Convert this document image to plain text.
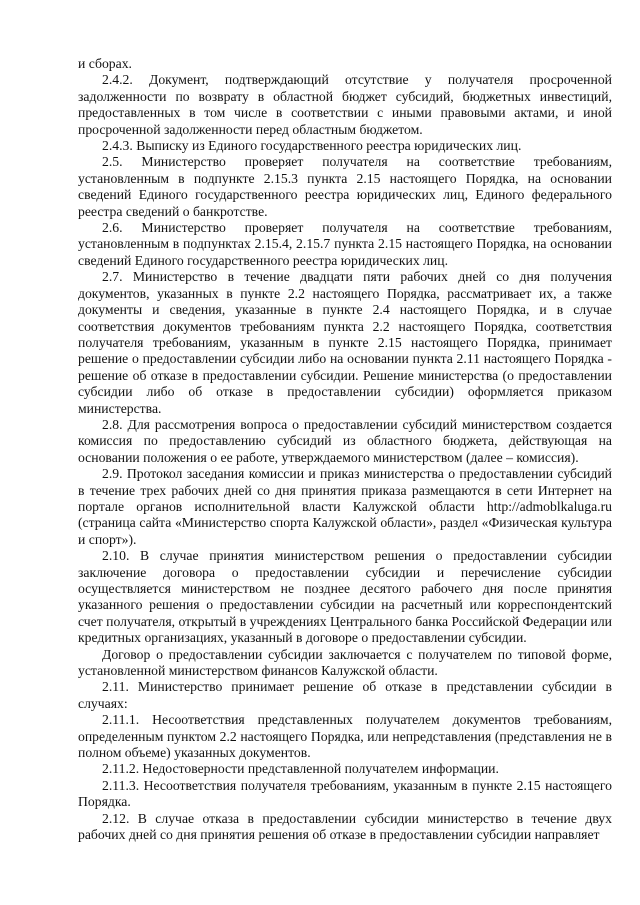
и сборах.

2.4.2. Документ, подтверждающий отсутствие у получателя просроченной задолженности по возврату в областной бюджет субсидий, бюджетных инвестиций, предоставленных в том числе в соответствии с иными правовыми актами, и иной просроченной задолженности перед областным бюджетом.

2.4.3. Выписку из Единого государственного реестра юридических лиц.

2.5. Министерство проверяет получателя на соответствие требованиям, установленным в подпункте 2.15.3 пункта 2.15 настоящего Порядка, на основании сведений Единого государственного реестра юридических лиц, Единого федерального реестра сведений о банкротстве.

2.6. Министерство проверяет получателя на соответствие требованиям, установленным в подпунктах 2.15.4, 2.15.7 пункта 2.15 настоящего Порядка, на основании сведений Единого государственного реестра юридических лиц.

2.7. Министерство в течение двадцати пяти рабочих дней со дня получения документов, указанных в пункте 2.2 настоящего Порядка, рассматривает их, а также документы и сведения, указанные в пункте 2.4 настоящего Порядка, и в случае соответствия документов требованиям пункта 2.2 настоящего Порядка, соответствия получателя требованиям, указанным в пункте 2.15 настоящего Порядка, принимает решение о предоставлении субсидии либо на основании пункта 2.11 настоящего Порядка - решение об отказе в предоставлении субсидии. Решение министерства (о предоставлении субсидии либо об отказе в предоставлении субсидии) оформляется приказом министерства.

2.8. Для рассмотрения вопроса о предоставлении субсидий министерством создается комиссия по предоставлению субсидий из областного бюджета, действующая на основании положения о ее работе, утверждаемого министерством (далее – комиссия).

2.9. Протокол заседания комиссии и приказ министерства о предоставлении субсидий в течение трех рабочих дней со дня принятия приказа размещаются в сети Интернет на портале органов исполнительной власти Калужской области http://admoblkaluga.ru (страница сайта «Министерство спорта Калужской области», раздел «Физическая культура и спорт»).

2.10. В случае принятия министерством решения о предоставлении субсидии заключение договора о предоставлении субсидии и перечисление субсидии осуществляется министерством не позднее десятого рабочего дня после принятия указанного решения о предоставлении субсидии на расчетный или корреспондентский счет получателя, открытый в учреждениях Центрального банка Российской Федерации или кредитных организациях, указанный в договоре о предоставлении субсидии.

Договор о предоставлении субсидии заключается с получателем по типовой форме, установленной министерством финансов Калужской области.

2.11. Министерство принимает решение об отказе в представлении субсидии в случаях:

2.11.1. Несоответствия представленных получателем документов требованиям, определенным пунктом 2.2 настоящего Порядка, или непредставления (представления не в полном объеме) указанных документов.

2.11.2. Недостоверности представленной получателем информации.

2.11.3. Несоответствия получателя требованиям, указанным в пункте 2.15 настоящего Порядка.

2.12. В случае отказа в предоставлении субсидии министерство в течение двух рабочих дней со дня принятия решения об отказе в предоставлении субсидии направляет
